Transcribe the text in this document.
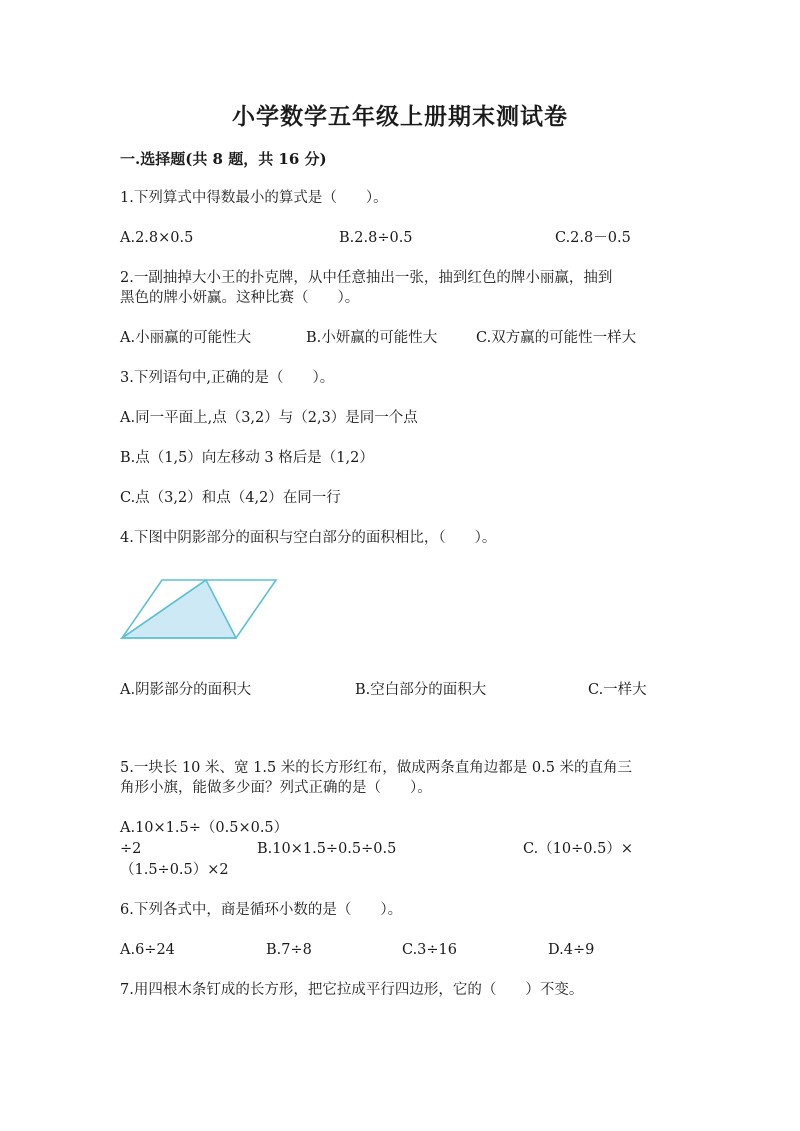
小学数学五年级上册期末测试卷
一.选择题(共 8 题，共 16 分)
1.下列算式中得数最小的算式是（　　）。
A.2.8×0.5	B.2.8÷0.5	C.2.8－0.5
2.一副抽掉大小王的扑克牌，从中任意抽出一张，抽到红色的牌小丽赢，抽到
黑色的牌小妍赢。这种比赛（　　）。
A.小丽赢的可能性大	B.小妍赢的可能性大	C.双方赢的可能性一样大
3.下列语句中,正确的是（　　）。
A.同一平面上,点（3,2）与（2,3）是同一个点
B.点（1,5）向左移动 3 格后是（1,2）
C.点（3,2）和点（4,2）在同一行
4.下图中阴影部分的面积与空白部分的面积相比，（　　）。
A.阴影部分的面积大	B.空白部分的面积大	C.一样大
5.一块长 10 米、宽 1.5 米的长方形红布，做成两条直角边都是 0.5 米的直角三
角形小旗，能做多少面？列式正确的是（　　）。
A.10×1.5÷（0.5×0.5）
÷2	B.10×1.5÷0.5÷0.5	C.（10÷0.5）×
（1.5÷0.5）×2
6.下列各式中，商是循环小数的是（　　）。
A.6÷24	B.7÷8	C.3÷16	D.4÷9
7.用四根木条钉成的长方形，把它拉成平行四边形，它的（　　）不变。
